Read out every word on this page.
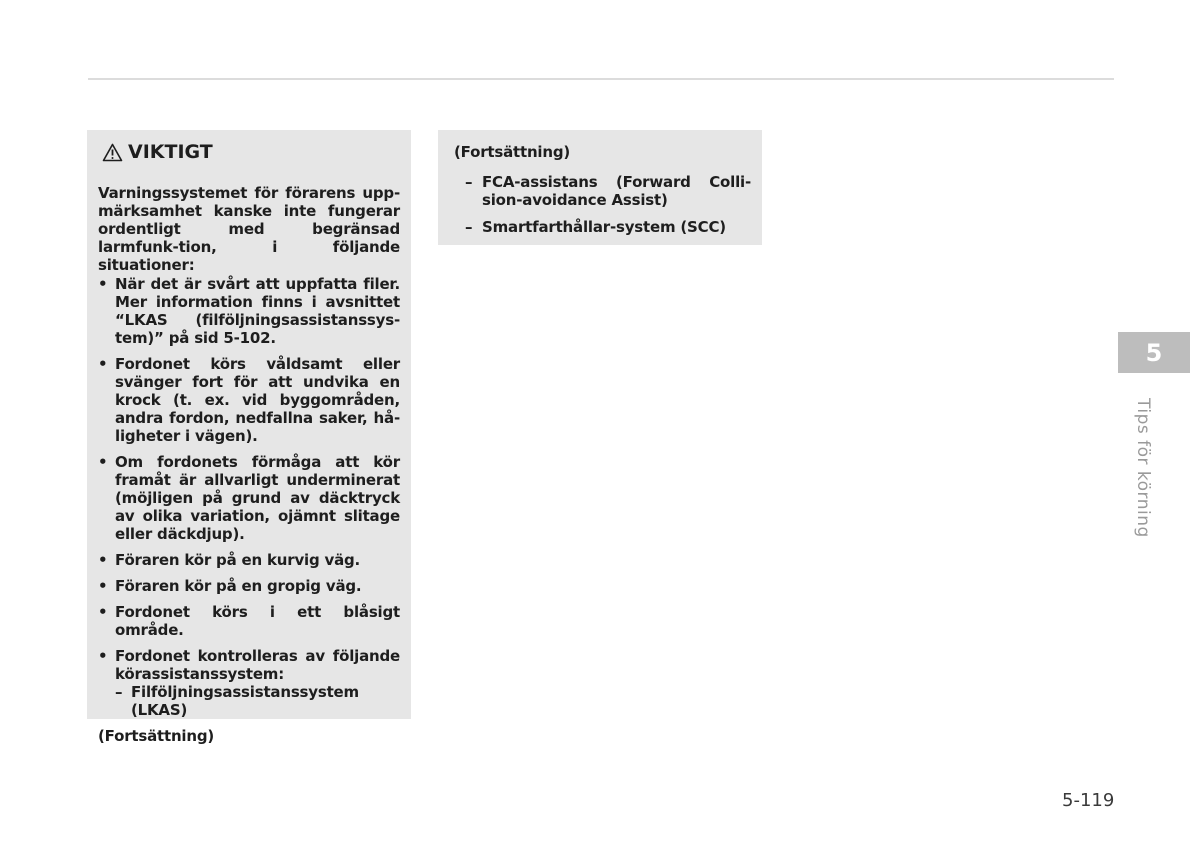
VIKTIGT
Varningssystemet för förarens upp-märksamhet kanske inte fungerar ordentligt med begränsad larmfunk-tion, i följande situationer:
• När det är svårt att uppfatta filer. Mer information finns i avsnittet “LKAS (filföljningsassistanssys-tem)” på sid 5-102.
• Fordonet körs våldsamt eller svänger fort för att undvika en krock (t. ex. vid byggområden, andra fordon, nedfallna saker, hå-ligheter i vägen).
• Om fordonets förmåga att kör framåt är allvarligt underminerat (möjligen på grund av däcktryck av olika variation, ojämnt slitage eller däckdjup).
• Föraren kör på en kurvig väg.
• Föraren kör på en gropig väg.
• Fordonet körs i ett blåsigt område.
• Fordonet kontrolleras av följande körassistanssystem:
– Filföljningsassistanssystem (LKAS)
(Fortsättning)
(Fortsättning)
– FCA-assistans (Forward Colli-sion-avoidance Assist)
– Smartfarthållar-system (SCC)
5
Tips för körning
5-119
